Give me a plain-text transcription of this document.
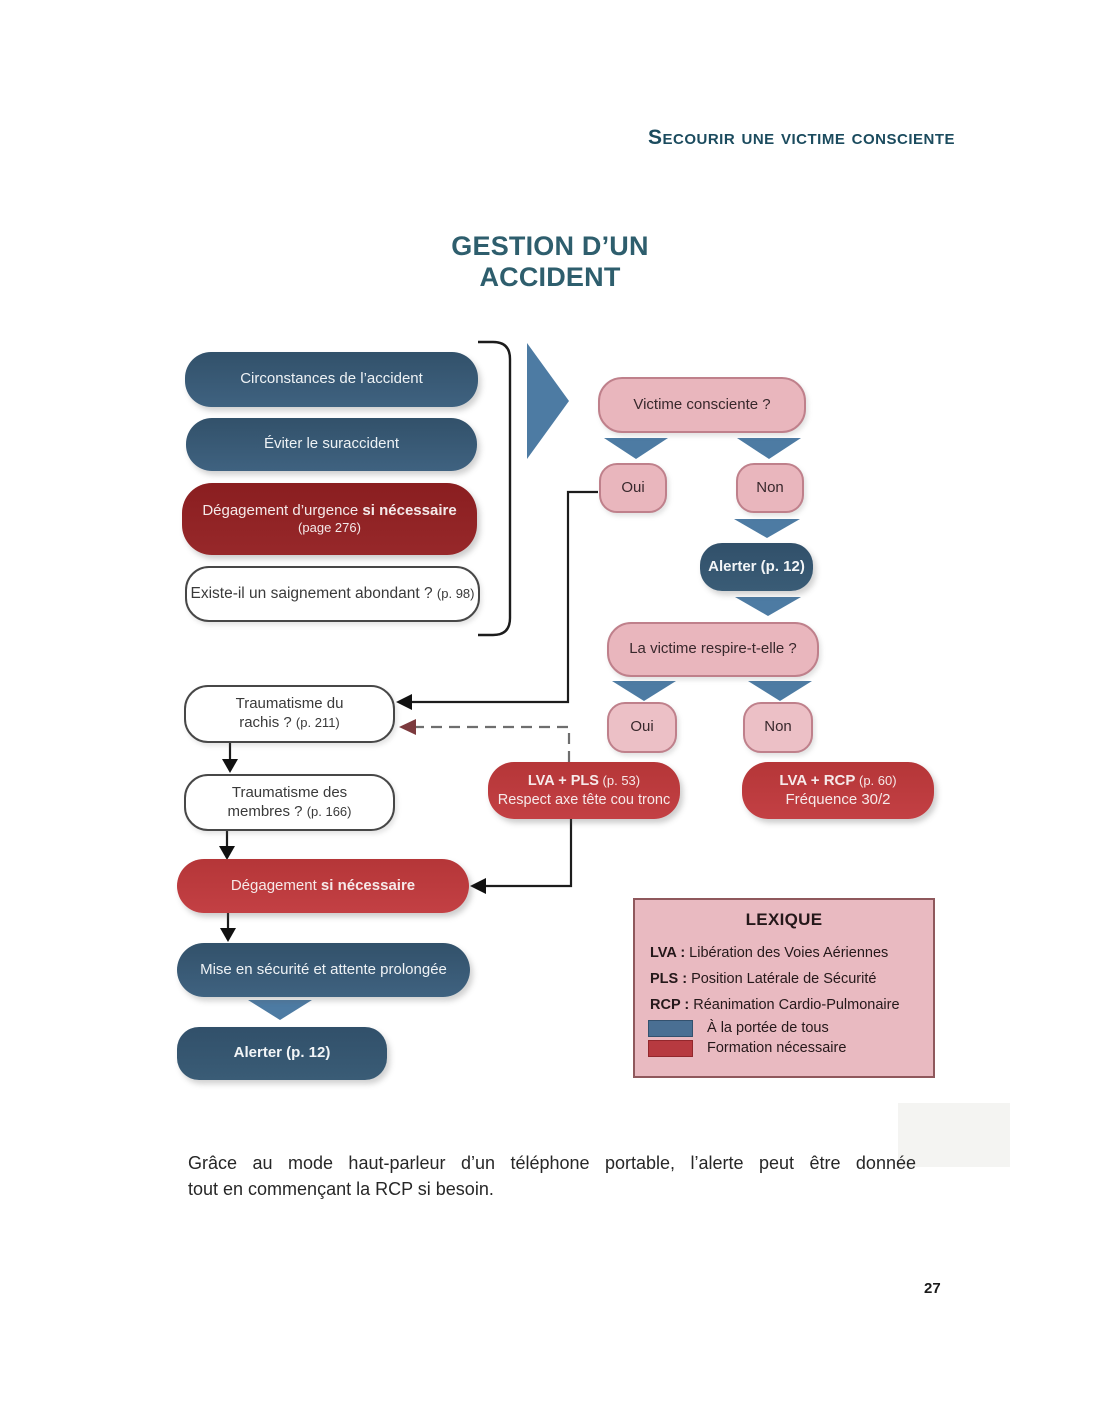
Secourir une victime consciente
GESTION D’UN ACCIDENT
Circonstances de l’accident
Éviter le suraccident
Dégagement d’urgence si nécessaire
(page 276)
Existe-il un saignement abondant ? (p. 98)
Victime consciente ?
Oui	Non
Alerter (p. 12)
La victime respire-t-elle ?
Oui	Non
LVA + PLS (p. 53)
Respect axe tête cou tronc
LVA + RCP (p. 60)
Fréquence 30/2
Traumatisme du
rachis ? (p. 211)
Traumatisme des
membres ? (p. 166)
Dégagement si nécessaire
Mise en sécurité et attente prolongée
Alerter (p. 12)
LEXIQUE
LVA : Libération des Voies Aériennes
PLS : Position Latérale de Sécurité
RCP : Réanimation Cardio-Pulmonaire
À la portée de tous
Formation nécessaire
Grâce au mode haut-parleur d’un téléphone portable, l’alerte peut être donnée
tout en commençant la RCP si besoin.
27
